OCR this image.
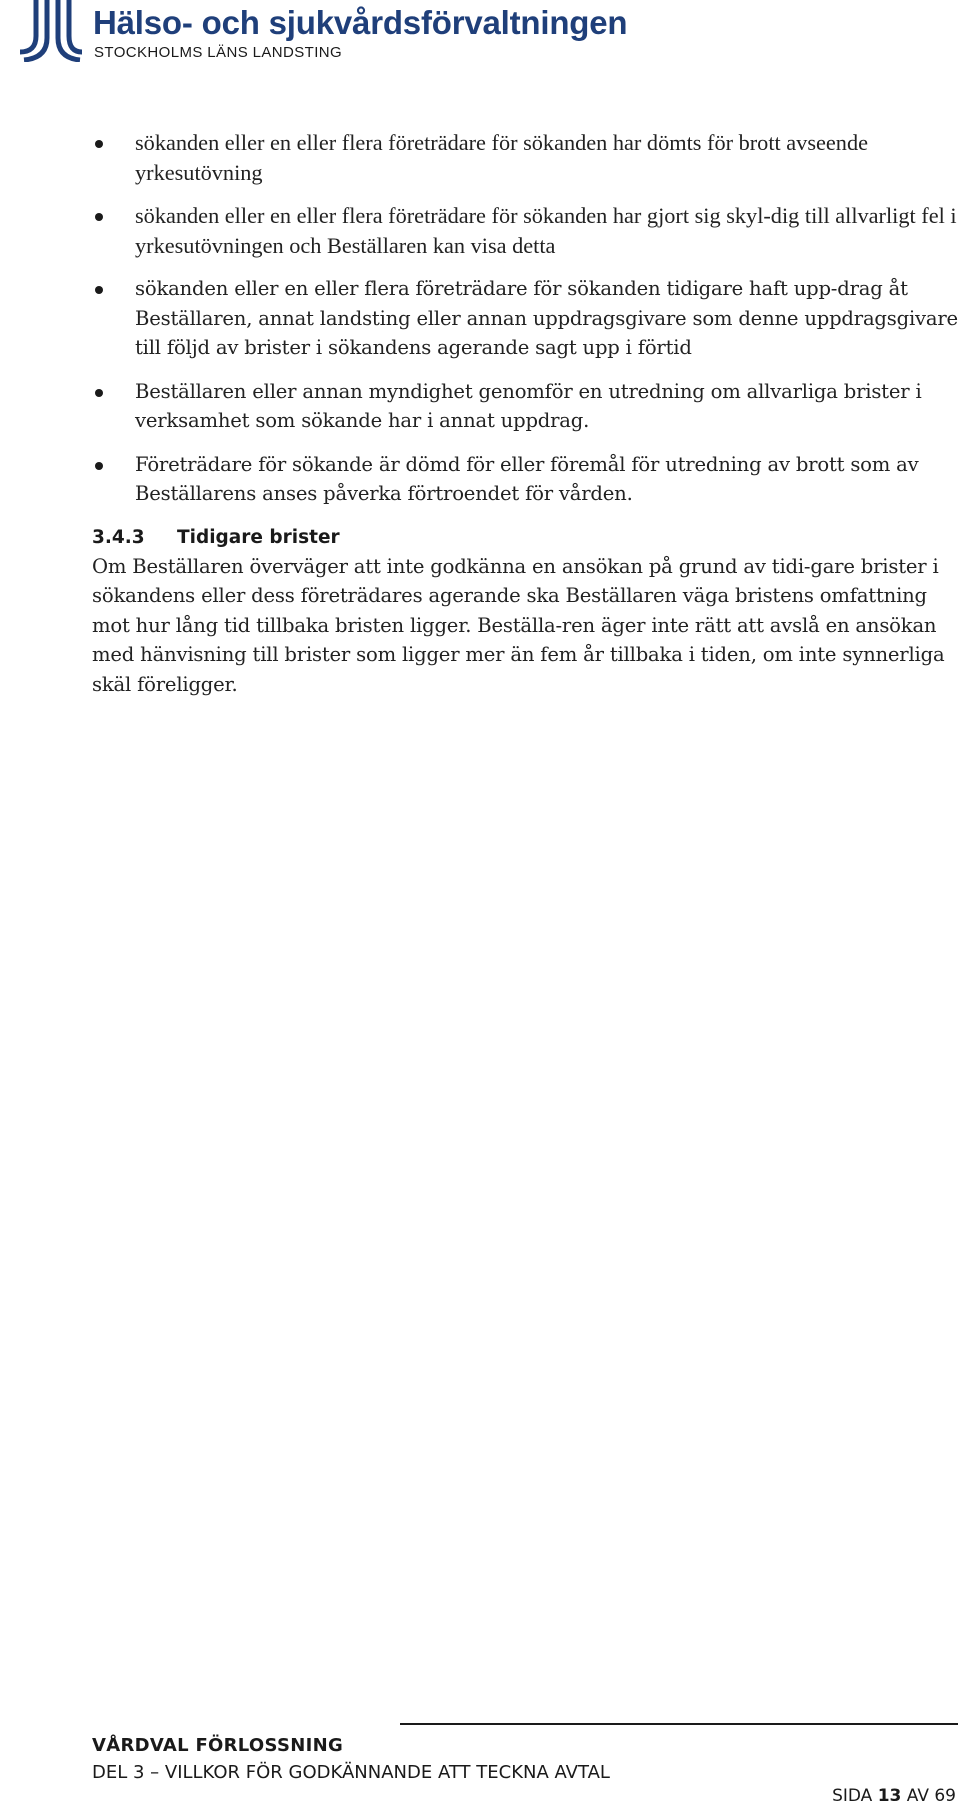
Hälso- och sjukvårdsförvaltningen
STOCKHOLMS LÄNS LANDSTING
sökanden eller en eller flera företrädare för sökanden har dömts för brott avseende yrkesutövning
sökanden eller en eller flera företrädare för sökanden har gjort sig skyl-dig till allvarligt fel i yrkesutövningen och Beställaren kan visa detta
sökanden eller en eller flera företrädare för sökanden tidigare haft upp-drag åt Beställaren, annat landsting eller annan uppdragsgivare som denne uppdragsgivare till följd av brister i sökandens agerande sagt upp i förtid
Beställaren eller annan myndighet genomför en utredning om allvarliga brister i verksamhet som sökande har i annat uppdrag.
Företrädare för sökande är dömd för eller föremål för utredning av brott som av Beställarens anses påverka förtroendet för vården.
3.4.3 Tidigare brister

Om Beställaren överväger att inte godkänna en ansökan på grund av tidi-gare brister i sökandens eller dess företrädares agerande ska Beställaren väga bristens omfattning mot hur lång tid tillbaka bristen ligger. Beställa-ren äger inte rätt att avslå en ansökan med hänvisning till brister som ligger mer än fem år tillbaka i tiden, om inte synnerliga skäl föreligger.

VÅRDVAL FÖRLOSSNING
DEL 3 – VILLKOR FÖR GODKÄNNANDE ATT TECKNA AVTAL
SIDA 13 AV 69
